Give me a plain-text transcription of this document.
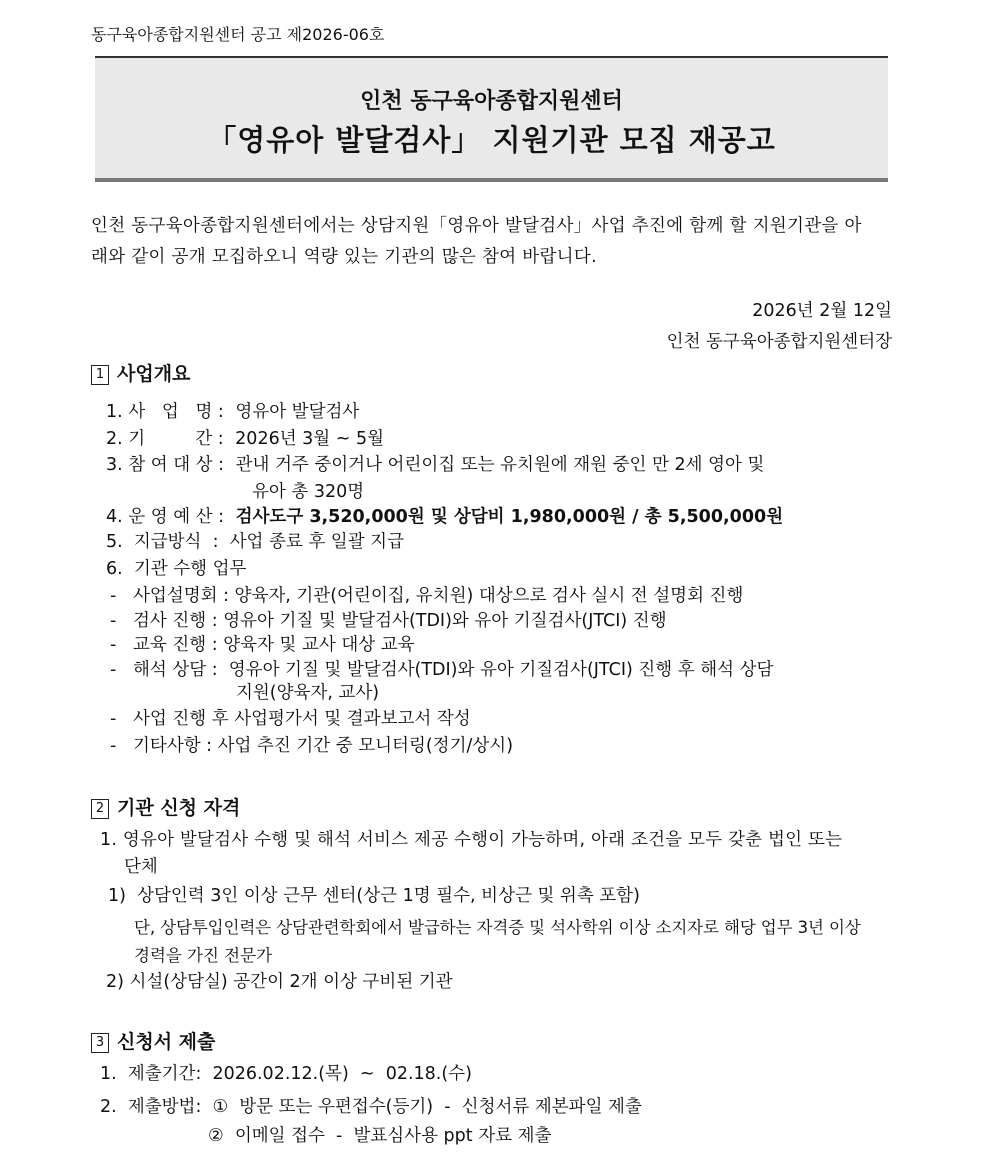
동구육아종합지원센터 공고 제2026-06호
인천 동구육아종합지원센터
「영유아 발달검사」 지원기관 모집 재공고
인천 동구육아종합지원센터에서는 상담지원「영유아 발달검사」사업 추진에 함께 할 지원기관을 아
래와 같이 공개 모집하오니 역량 있는 기관의 많은 참여 바랍니다.
2026년 2월 12일
인천 동구육아종합지원센터장
1 사업개요
1. 사   업   명 : 영유아 발달검사
2. 기         간 : 2026년 3월 ~ 5월
3. 참 여 대 상 : 관내 거주 중이거나 어린이집 또는 유치원에 재원 중인 만 2세 영아 및
유아 총 320명
4. 운 영 예 산 : 검사도구 3,520,000원 및 상담비 1,980,000원 / 총 5,500,000원
5.  지급방식  :  사업 종료 후 일괄 지급
6.  기관 수행 업무
-   사업설명회 : 양육자, 기관(어린이집, 유치원) 대상으로 검사 실시 전 설명회 진행
-   검사 진행 : 영유아 기질 및 발달검사(TDI)와 유아 기질검사(JTCI) 진행
-   교육 진행 : 양육자 및 교사 대상 교육
-   해석 상담 :  영유아 기질 및 발달검사(TDI)와 유아 기질검사(JTCI) 진행 후 해석 상담
지원(양육자, 교사)
-   사업 진행 후 사업평가서 및 결과보고서 작성
-   기타사항 : 사업 추진 기간 중 모니터링(정기/상시)
2 기관 신청 자격
1. 영유아 발달검사 수행 및 해석 서비스 제공 수행이 가능하며, 아래 조건을 모두 갖춘 법인 또는
단체
1)  상담인력 3인 이상 근무 센터(상근 1명 필수, 비상근 및 위촉 포함)
단, 상담투입인력은 상담관련학회에서 발급하는 자격증 및 석사학위 이상 소지자로 해당 업무 3년 이상
경력을 가진 전문가
2) 시설(상담실) 공간이 2개 이상 구비된 기관
3 신청서 제출
1.  제출기간:  2026.02.12.(목)  ~  02.18.(수)
2.  제출방법:  ①  방문 또는 우편접수(등기)  -  신청서류 제본파일 제출
②  이메일 접수  -  발표심사용 ppt 자료 제출
